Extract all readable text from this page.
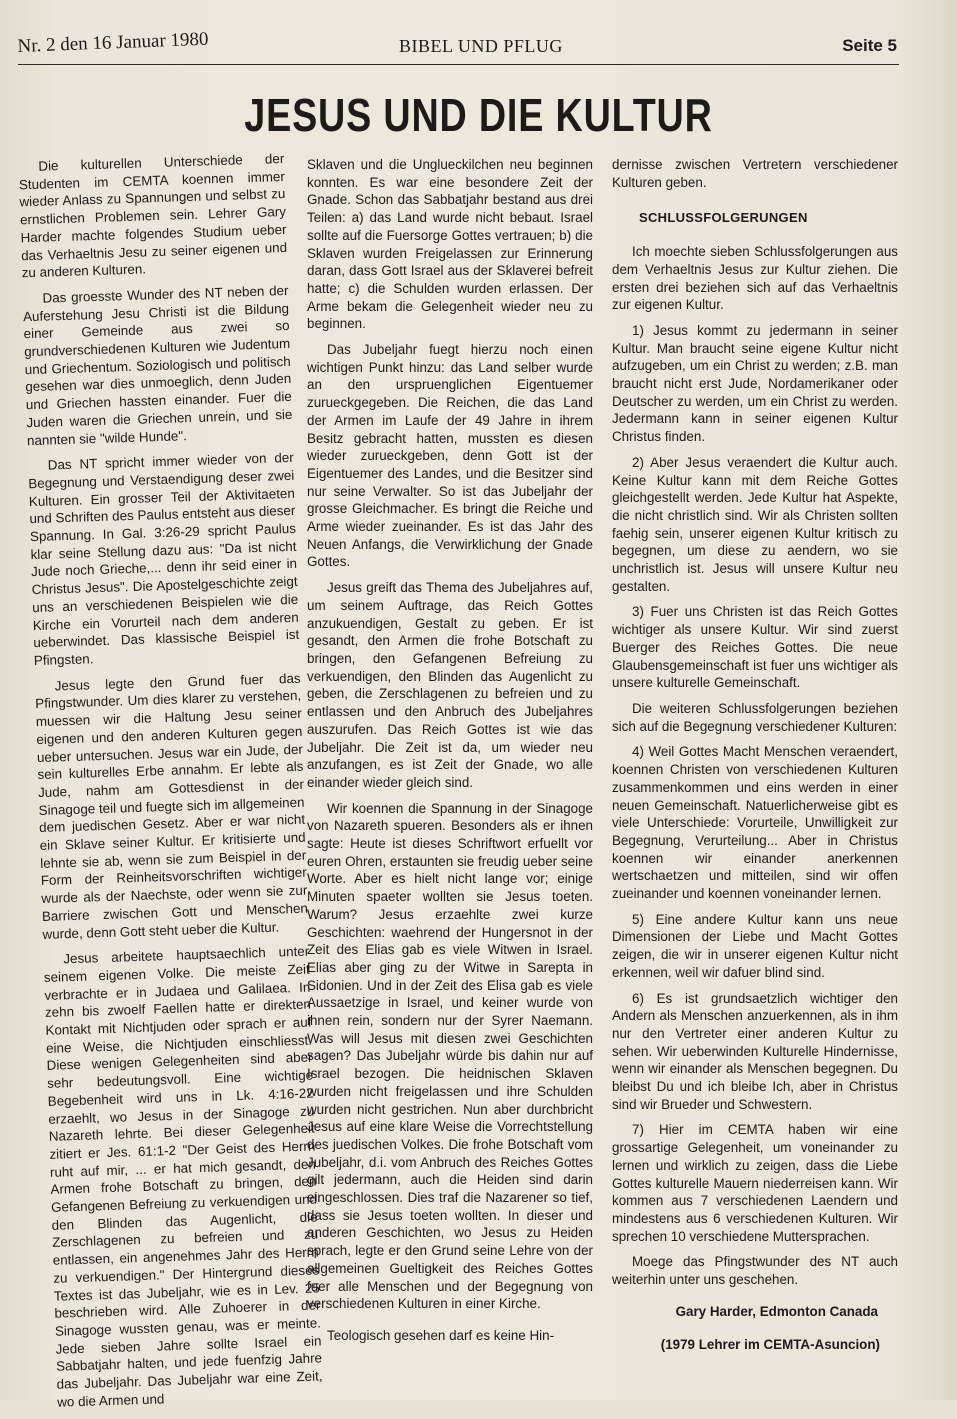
Nr. 2 den 16 Januar 1980	BIBEL UND PFLUG	Seite 5
JESUS UND DIE KULTUR

Die kulturellen Unterschiede der Studenten im CEMTA koennen immer wieder Anlass zu Spannungen und selbst zu ernstlichen Problemen sein. Lehrer Gary Harder machte folgendes Studium ueber das Verhaeltnis Jesu zu seiner eigenen und zu anderen Kulturen.

Das groesste Wunder des NT neben der Auferstehung Jesu Christi ist die Bildung einer Gemeinde aus zwei so grundverschiedenen Kulturen wie Judentum und Griechentum. Soziologisch und politisch gesehen war dies unmoeglich, denn Juden und Griechen hassten einander. Fuer die Juden waren die Griechen unrein, und sie nannten sie "wilde Hunde".

Das NT spricht immer wieder von der Begegnung und Verstaendigung deser zwei Kulturen. Ein grosser Teil der Aktivitaeten und Schriften des Paulus entsteht aus dieser Spannung. In Gal. 3:26-29 spricht Paulus klar seine Stellung dazu aus: "Da ist nicht Jude noch Grieche,... denn ihr seid einer in Christus Jesus". Die Apostelgeschichte zeigt uns an verschiedenen Beispielen wie die Kirche ein Vorurteil nach dem anderen ueberwindet. Das klassische Beispiel ist Pfingsten.

Jesus legte den Grund fuer das Pfingstwunder. Um dies klarer zu verstehen, muessen wir die Haltung Jesu seiner eigenen und den anderen Kulturen gegen ueber untersuchen. Jesus war ein Jude, der sein kulturelles Erbe annahm. Er lebte als Jude, nahm am Gottesdienst in der Sinagoge teil und fuegte sich im allgemeinen dem juedischen Gesetz. Aber er war nicht ein Sklave seiner Kultur. Er kritisierte und lehnte sie ab, wenn sie zum Beispiel in der Form der Reinheitsvorschriften wichtiger wurde als der Naechste, oder wenn sie zur Barriere zwischen Gott und Menschen wurde, denn Gott steht ueber die Kultur.

Jesus arbeitete hauptsaechlich unter seinem eigenen Volke. Die meiste Zeit verbrachte er in Judaea und Galilaea. In zehn bis zwoelf Faellen hatte er direkten Kontakt mit Nichtjuden oder sprach er auf eine Weise, die Nichtjuden einschliesst. Diese wenigen Gelegenheiten sind aber sehr bedeutungsvoll. Eine wichtige Begebenheit wird uns in Lk. 4:16-22 erzaehlt, wo Jesus in der Sinagoge zu Nazareth lehrte. Bei dieser Gelegenheit zitiert er Jes. 61:1-2 "Der Geist des Herrn ruht auf mir, ... er hat mich gesandt, den Armen frohe Botschaft zu bringen, den Gefangenen Befreiung zu verkuendigen und den Blinden das Augenlicht, die Zerschlagenen zu befreien und zu entlassen, ein angenehmes Jahr des Herrn zu verkuendigen." Der Hintergrund dieses Textes ist das Jubeljahr, wie es in Lev. 25 beschrieben wird. Alle Zuhoerer in der Sinagoge wussten genau, was er meinte. Jede sieben Jahre sollte Israel ein Sabbatjahr halten, und jede fuenfzig Jahre das Jubeljahr. Das Jubeljahr war eine Zeit, wo die Armen und

Sklaven und die Unglueckilchen neu beginnen konnten. Es war eine besondere Zeit der Gnade. Schon das Sabbatjahr bestand aus drei Teilen: a) das Land wurde nicht bebaut. Israel sollte auf die Fuersorge Gottes vertrauen; b) die Sklaven wurden Freigelassen zur Erinnerung daran, dass Gott Israel aus der Sklaverei befreit hatte; c) die Schulden wurden erlassen. Der Arme bekam die Gelegenheit wieder neu zu beginnen.

Das Jubeljahr fuegt hierzu noch einen wichtigen Punkt hinzu: das Land selber wurde an den urspruenglichen Eigentuemer zurueckgegeben. Die Reichen, die das Land der Armen im Laufe der 49 Jahre in ihrem Besitz gebracht hatten, mussten es diesen wieder zurueckgeben, denn Gott ist der Eigentuemer des Landes, und die Besitzer sind nur seine Verwalter. So ist das Jubeljahr der grosse Gleichmacher. Es bringt die Reiche und Arme wieder zueinander. Es ist das Jahr des Neuen Anfangs, die Verwirklichung der Gnade Gottes.

Jesus greift das Thema des Jubeljahres auf, um seinem Auftrage, das Reich Gottes anzukuendigen, Gestalt zu geben. Er ist gesandt, den Armen die frohe Botschaft zu bringen, den Gefangenen Befreiung zu verkuendigen, den Blinden das Augenlicht zu geben, die Zerschlagenen zu befreien und zu entlassen und den Anbruch des Jubeljahres auszurufen. Das Reich Gottes ist wie das Jubeljahr. Die Zeit ist da, um wieder neu anzufangen, es ist Zeit der Gnade, wo alle einander wieder gleich sind.

Wir koennen die Spannung in der Sinagoge von Nazareth spueren. Besonders als er ihnen sagte: Heute ist dieses Schriftwort erfuellt vor euren Ohren, erstaunten sie freudig ueber seine Worte. Aber es hielt nicht lange vor; einige Minuten spaeter wollten sie Jesus toeten. Warum? Jesus erzaehlte zwei kurze Geschichten: waehrend der Hungersnot in der Zeit des Elias gab es viele Witwen in Israel. Elias aber ging zu der Witwe in Sarepta in Sidonien. Und in der Zeit des Elisa gab es viele Aussaetzige in Israel, und keiner wurde von ihnen rein, sondern nur der Syrer Naemann. Was will Jesus mit diesen zwei Geschichten sagen? Das Jubeljahr würde bis dahin nur auf Israel bezogen. Die heidnischen Sklaven wurden nicht freigelassen und ihre Schulden wurden nicht gestrichen. Nun aber durchbricht Jesus auf eine klare Weise die Vorrechtstellung des juedischen Volkes. Die frohe Botschaft vom Jubeljahr, d.i. vom Anbruch des Reiches Gottes gilt jedermann, auch die Heiden sind darin eingeschlossen. Dies traf die Nazarener so tief, dass sie Jesus toeten wollten. In dieser und anderen Geschichten, wo Jesus zu Heiden sprach, legte er den Grund seine Lehre von der allgemeinen Gueltigkeit des Reiches Gottes fuer alle Menschen und der Begegnung von verschiedenen Kulturen in einer Kirche.

Teologisch gesehen darf es keine Hin-

dernisse zwischen Vertretern verschiedener Kulturen geben.

SCHLUSSFOLGERUNGEN

Ich moechte sieben Schlussfolgerungen aus dem Verhaeltnis Jesus zur Kultur ziehen. Die ersten drei beziehen sich auf das Verhaeltnis zur eigenen Kultur.

1) Jesus kommt zu jedermann in seiner Kultur. Man braucht seine eigene Kultur nicht aufzugeben, um ein Christ zu werden; z.B. man braucht nicht erst Jude, Nordamerikaner oder Deutscher zu werden, um ein Christ zu werden. Jedermann kann in seiner eigenen Kultur Christus finden.

2) Aber Jesus veraendert die Kultur auch. Keine Kultur kann mit dem Reiche Gottes gleichgestellt werden. Jede Kultur hat Aspekte, die nicht christlich sind. Wir als Christen sollten faehig sein, unserer eigenen Kultur kritisch zu begegnen, um diese zu aendern, wo sie unchristlich ist. Jesus will unsere Kultur neu gestalten.

3) Fuer uns Christen ist das Reich Gottes wichtiger als unsere Kultur. Wir sind zuerst Buerger des Reiches Gottes. Die neue Glaubensgemeinschaft ist fuer uns wichtiger als unsere kulturelle Gemeinschaft.

Die weiteren Schlussfolgerungen beziehen sich auf die Begegnung verschiedener Kulturen:

4) Weil Gottes Macht Menschen veraendert, koennen Christen von verschiedenen Kulturen zusammenkommen und eins werden in einer neuen Gemeinschaft. Natuerlicherweise gibt es viele Unterschiede: Vorurteile, Unwilligkeit zur Begegnung, Verurteilung... Aber in Christus koennen wir einander anerkennen wertschaetzen und mitteilen, sind wir offen zueinander und koennen voneinander lernen.

5) Eine andere Kultur kann uns neue Dimensionen der Liebe und Macht Gottes zeigen, die wir in unserer eigenen Kultur nicht erkennen, weil wir dafuer blind sind.

6) Es ist grundsaetzlich wichtiger den Andern als Menschen anzuerkennen, als in ihm nur den Vertreter einer anderen Kultur zu sehen. Wir ueberwinden Kulturelle Hindernisse, wenn wir einander als Menschen begegnen. Du bleibst Du und ich bleibe Ich, aber in Christus sind wir Brueder und Schwestern.

7) Hier im CEMTA haben wir eine grossartige Gelegenheit, um voneinander zu lernen und wirklich zu zeigen, dass die Liebe Gottes kulturelle Mauern niederreisen kann. Wir kommen aus 7 verschiedenen Laendern und mindestens aus 6 verschiedenen Kulturen. Wir sprechen 10 verschiedene Muttersprachen.

Moege das Pfingstwunder des NT auch weiterhin unter uns geschehen.

Gary Harder, Edmonton Canada
(1979 Lehrer im CEMTA-Asuncion)
